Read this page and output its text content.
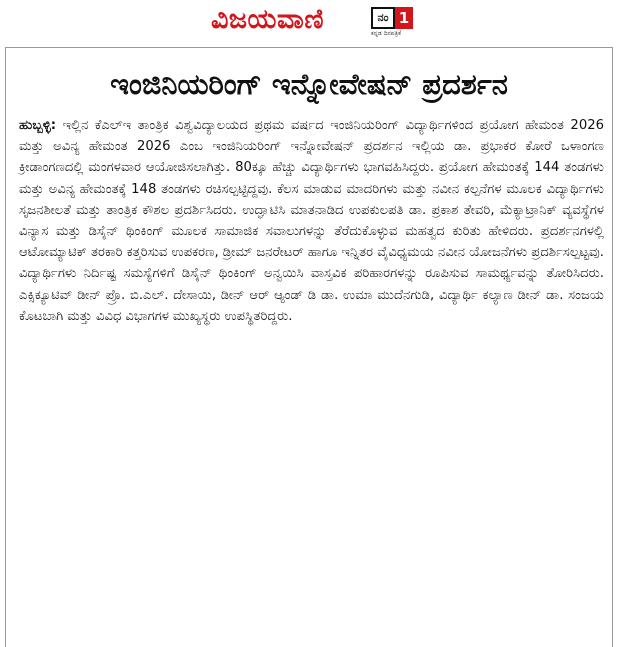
ವಿಜಯವಾಣಿ	ನಂ 1
ಕನ್ನಡ ದಿನಪತ್ರಿಕೆ
ಇಂಜಿನಿಯರಿಂಗ್ ಇನ್ನೋವೇಷನ್ ಪ್ರದರ್ಶನ

ಹುಬ್ಬಳ್ಳಿ: ಇಲ್ಲಿನ ಕೆಎಲ್‌ಇ ತಾಂತ್ರಿಕ ವಿಶ್ವವಿದ್ಯಾಲಯದ ಪ್ರಥಮ ವರ್ಷದ ಇಂಜಿನಿಯರಿಂಗ್ ವಿದ್ಯಾರ್ಥಿಗಳಿಂದ ಪ್ರಯೋಗ ಹೇಮಂತ 2026 ಮತ್ತು ಅವಿನ್ಯ ಹೇಮಂತ 2026 ಎಂಬ ಇಂಜಿನಿಯರಿಂಗ್ ಇನ್ನೋವೇಷನ್ ಪ್ರದರ್ಶನ ಇಲ್ಲಿಯ ಡಾ. ಪ್ರಭಾಕರ ಕೋರೆ ಒಳಾಂಗಣ ಕ್ರೀಡಾಂಗಣದಲ್ಲಿ ಮಂಗಳವಾರ ಆಯೋಜಿಸಲಾಗಿತ್ತು. 80ಕ್ಕೂ ಹೆಚ್ಚು ವಿದ್ಯಾರ್ಥಿಗಳು ಭಾಗವಹಿಸಿದ್ದರು. ಪ್ರಯೋಗ ಹೇಮಂತಕ್ಕೆ 144 ತಂಡಗಳು ಮತ್ತು ಅವಿನ್ಯ ಹೇಮಂತಕ್ಕೆ 148 ತಂಡಗಳು ರಚಿಸಲ್ಪಟ್ಟಿದ್ದವು. ಕೆಲಸ ಮಾಡುವ ಮಾದರಿಗಳು ಮತ್ತು ನವೀನ ಕಲ್ಪನೆಗಳ ಮೂಲಕ ವಿದ್ಯಾರ್ಥಿಗಳು ಸೃಜನಶೀಲತೆ ಮತ್ತು ತಾಂತ್ರಿಕ ಕೌಶಲ ಪ್ರದರ್ಶಿಸಿದರು. ಉದ್ಘಾಟಿಸಿ ಮಾತನಾಡಿದ ಉಪಕುಲಪತಿ ಡಾ. ಪ್ರಕಾಶ ತೇವರಿ, ಮೆಕ್ಯಾಟ್ರಾನಿಕ್ ವ್ಯವಸ್ಥೆಗಳ ವಿನ್ಯಾಸ ಮತ್ತು ಡಿಸೈನ್ ಥಿಂಕಿಂಗ್ ಮೂಲಕ ಸಾಮಾಜಿಕ ಸವಾಲುಗಳನ್ನು ತೆರೆದುಕೊಳ್ಳುವ ಮಹತ್ವದ ಕುರಿತು ಹೇಳಿದರು. ಪ್ರದರ್ಶನಗಳಲ್ಲಿ ಆಟೋಮ್ಯಾಟಿಕ್ ತರಕಾರಿ ಕತ್ತರಿಸುವ ಉಪಕರಣ, ಡ್ರೀಮ್ ಜನರೇಟರ್ ಹಾಗೂ ಇನ್ನಿತರ ವೈವಿಧ್ಯಮಯ ನವೀನ ಯೋಜನೆಗಳು ಪ್ರದರ್ಶಿಸಲ್ಪಟ್ಟವು. ವಿದ್ಯಾರ್ಥಿಗಳು ನಿರ್ದಿಷ್ಟ ಸಮಸ್ಯೆಗಳಿಗೆ ಡಿಸೈನ್ ಥಿಂಕಿಂಗ್ ಅನ್ವಯಿಸಿ ವಾಸ್ತವಿಕ ಪರಿಹಾರಗಳನ್ನು ರೂಪಿಸುವ ಸಾಮರ್ಥ್ಯವನ್ನು ತೋರಿಸಿದರು. ಎಕ್ಸಿಕ್ಯೂಟಿವ್ ಡೀನ್ ಪ್ರೊ. ಬಿ.ಎಲ್. ದೇಸಾಯಿ, ಡೀನ್ ಆರ್ ಆ್ಯಂಡ್ ಡಿ ಡಾ. ಉಮಾ ಮುದೆನಗುಡಿ, ವಿದ್ಯಾರ್ಥಿ ಕಲ್ಯಾಣ ಡೀನ್ ಡಾ. ಸಂಜಯ ಕೊಟಬಾಗಿ ಮತ್ತು ವಿವಿಧ ವಿಭಾಗಗಳ ಮುಖ್ಯಸ್ಥರು ಉಪಸ್ಥಿತರಿದ್ದರು.
